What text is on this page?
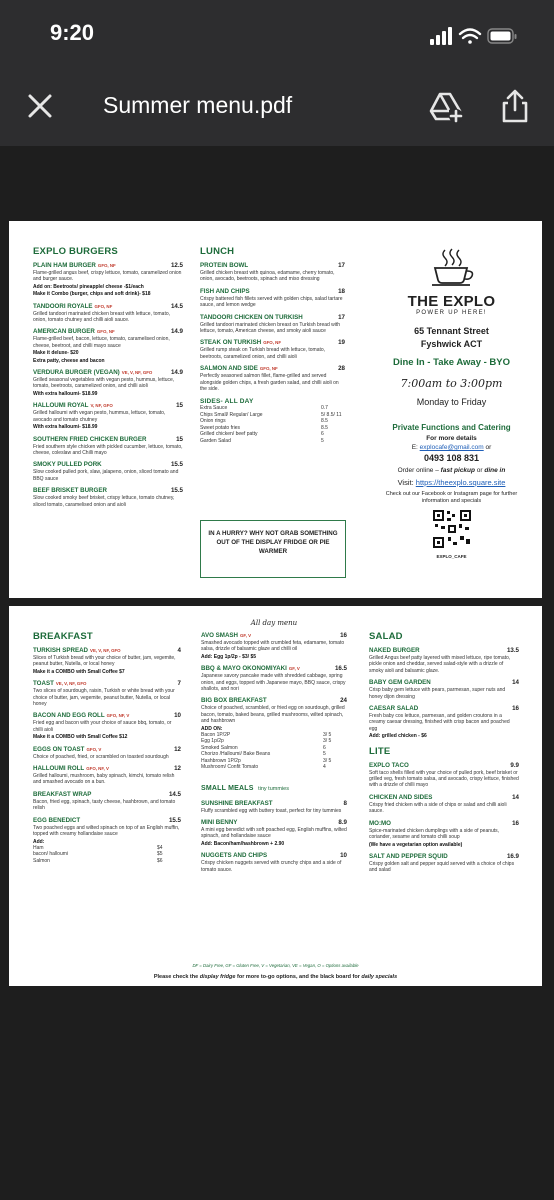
9:20
Summer menu.pdf
EXPLO BURGERS
PLAIN HAM BURGER GFO, NF	12.5
Flame-grilled angus beef, crispy lettuce, tomato, caramelized onion and burger sauce.
Add on: Beetroots/ pineapple/ cheese -$1/each
Make it Combo (burger, chips and soft drink)- $18
TANDOORI ROYALE GFO, NF	14.5
Grilled tandoori marinated chicken breast with lettuce, tomato, onion, tomato chutney and chilli aioli sauce.
AMERICAN BURGER GFO, NF	14.9
Flame-grilled beef, bacon, lettuce, tomato, caramelised onion, cheese, beetroot, and chilli mayo sauce
Make it deluxe- $20
Extra patty, cheese and bacon
VERDURA BURGER (VEGAN) VE, V, NF, GFO	14.9
Grilled seasonal vegetables with vegan pesto, hummus, lettuce, tomato, beetroots, caramelized onion, and chilli aioli
With extra halloumi- $18.99
HALLOUMI ROYAL V, NF, GFO	15
Grilled halloumi with vegan pesto, hummus, lettuce, tomato, avocado and tomato chutney
With extra halloumi- $18.99
SOUTHERN FRIED CHICKEN BURGER	15
Fried southern style chicken with pickled cucumber, lettuce, tomato, cheese, coleslaw and Chilli mayo
SMOKY PULLED PORK	15.5
Slow cooked pulled pork, slaw, jalapeno, onion, sliced tomato and BBQ sauce
BEEF BRISKET BURGER	15.5
Slow cooked smoky beef brisket, crispy lettuce, tomato chutney, sliced tomato, caramelised onion and aioli
LUNCH
PROTEIN BOWL	17
Grilled chicken breast with quinoa, edamame, cherry tomato, onion, avocado, beetroots, spinach and miso dressing
FISH AND CHIPS	18
Crispy battered fish fillets served with golden chips, salad tartare sauce, and lemon wedge
TANDOORI CHICKEN ON TURKISH	17
Grilled tandoori marinated chicken breast on Turkish bread with lettuce, tomato, American cheese, and smoky aioli sauce
STEAK ON TURKISH GFO, NF	19
Grilled rump steak on Turkish bread with lettuce, tomato, beetroots, caramelized onion, and chilli aioli
SALMON AND SIDE GFO, NF	28
Perfectly seasoned salmon fillet, flame-grilled and served alongside golden chips, a fresh garden salad, and chilli aioli on the side.
SIDES- ALL DAY
Extra Sauce	0.7
Chips Small/ Regular/ Large	5/ 8.5/ 11
Onion rings	8.5
Sweet potato fries	8.5
Grilled chicken/ beef patty	6
Garden Salad	5
IN A HURRY? WHY NOT GRAB SOMETHING OUT OF THE DISPLAY FRIDGE OR PIE WARMER
THE EXPLO
POWER UP HERE!
65 Tennant Street
Fyshwick ACT
Dine In - Take Away - BYO
7:00am to 3:00pm
Monday to Friday
Private Functions and Catering
For more details
E: explocafe@gmail.com or
0493 108 831
Order online – fast pickup or dine in
Visit: https://theexplo.square.site
Check out our Facebook or Instagram page for further information and specials
EXPLO_CAFE
BREAKFAST
TURKISH SPREAD VE, V, NF, GFO	4
Slices of Turkish bread with your choice of butter, jam, vegemite, peanut butter, Nutella, or local honey
Make it a COMBO with Small Coffee $7
TOAST VE, V, NF, GFO	7
Two slices of sourdough, raisin, Turkish or white bread with your choice of butter, jam, vegemite, peanut butter, Nutella, or local honey
BACON AND EGG ROLL GFO, NF, V	10
Fried egg and bacon with your choice of sauce bbq, tomato, or chilli aioli
Make it a COMBO with Small Coffee $12
EGGS ON TOAST GFO, V	12
Choice of poached, fried, or scrambled on toasted sourdough
HALLOUMI ROLL GFO, NF, V	12
Grilled halloumi, mushroom, baby spinach, kimchi, tomato relish and smashed avocado on a bun.
BREAKFAST WRAP	14.5
Bacon, fried egg, spinach, tasty cheese, hashbrown, and tomato relish
EGG BENEDICT	15.5
Two poached eggs and wilted spinach on top of an English muffin, topped with creamy hollandaise sauce
Add:
Ham	$4
bacon/ halloumi	$5
Salmon	$6
All day menu
AVO SMASH GF, V	16
Smashed avocado topped with crumbled feta, edamame, tomato salsa, drizzle of balsamic glaze and chilli oil
Add: Egg 1p/2p - $3/ $5
BBQ & MAYO OKONOMIYAKI GF, V	16.5
Japanese savory pancake made with shredded cabbage, spring onion, and eggs, topped with Japanese mayo, BBQ sauce, crispy shallots, and nori
BIG BOX BREAKFAST	24
Choice of poached, scrambled, or fried egg on sourdough, grilled bacon, tomato, baked beans, grilled mushrooms, wilted spinach, and hashbrown
ADD ON:
Bacon 1P/2P	3/ 5
Egg 1p/2p	3/ 5
Smoked Salmon	6
Chorizo /Halloumi/ Bake Beans	5
Hashbrown 1P/2p	3/ 5
Mushroom/ Confit Tomato	4
SMALL MEALS tiny tummies
SUNSHINE BREAKFAST	8
Fluffy scrambled egg with buttery toast, perfect for tiny tummies
MINI BENNY	8.9
A mini egg benedict with soft poached egg, English muffins, wilted spinach, and hollandaise sauce
Add: Bacon/ham/hashbrown + 2.90
NUGGETS AND CHIPS	10
Crispy chicken nuggets served with crunchy chips and a side of tomato sauce.
SALAD
NAKED BURGER	13.5
Grilled Angus beef patty layered with mixed lettuce, ripe tomato, pickle onion and cheddar, served salad-style with a drizzle of smoky aioli and balsamic glaze.
BABY GEM GARDEN	14
Crisp baby gem lettuce with pears, parmesan, super nuts and honey dijon dressing
CAESAR SALAD	16
Fresh baby cos lettuce, parmesan, and golden croutons in a creamy caesar dressing, finished with crisp bacon and poached egg
Add: grilled chicken - $6
LITE
EXPLO TACO	9.9
Soft taco shells filled with your choice of pulled pork, beef brisket or grilled veg, fresh tomato salsa, and avocado, crispy lettuce, finished with a drizzle of chilli mayo
CHICKEN AND SIDES	14
Crispy fried chicken with a side of chips or salad and chilli aioli sauce.
MO:MO	16
Spice-marinated chicken dumplings with a side of peanuts, coriander, sesame and tomato chilli soup
(We have a vegetarian option available)
SALT AND PEPPER SQUID	16.9
Crispy golden salt and pepper squid served with a choice of chips and salad
DF = Dairy Free, GF = Gluten Free, V = Vegetarian, VE = Vegan, O = Options available
Please check the display fridge for more to-go options, and the black board for daily specials
